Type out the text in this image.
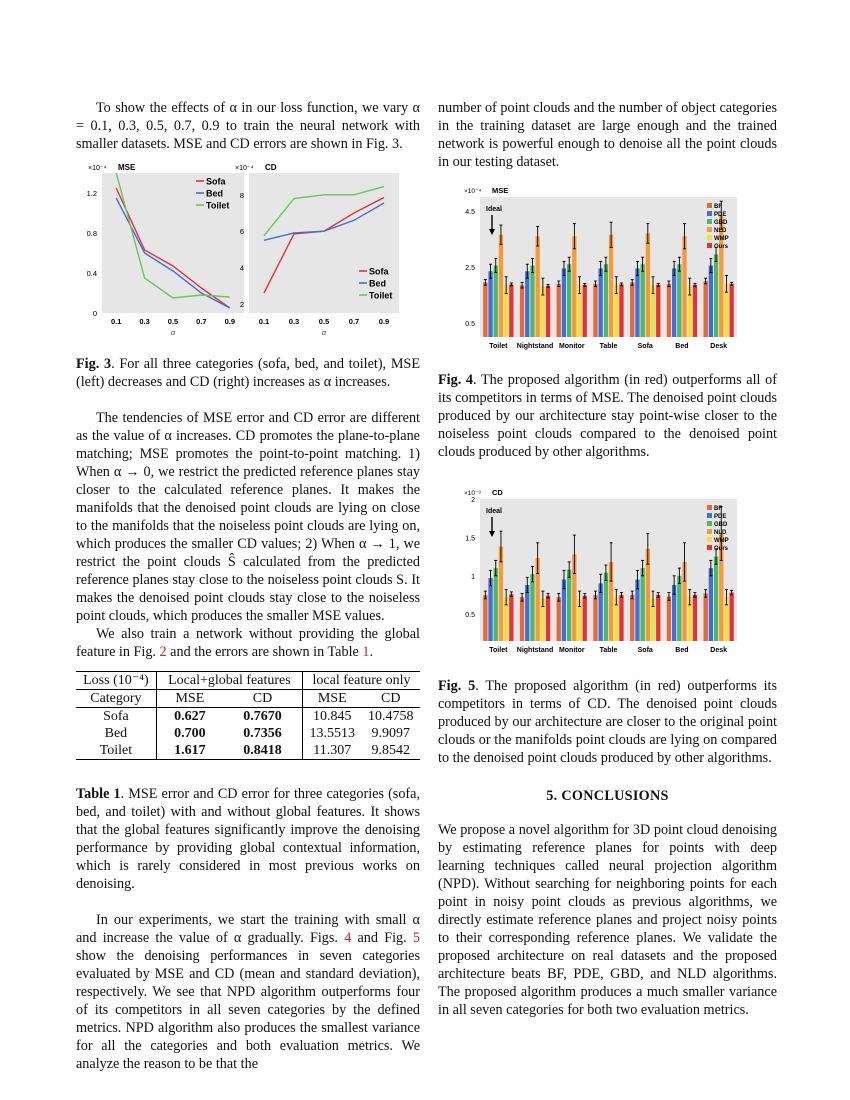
To show the effects of α in our loss function, we vary α = 0.1, 0.3, 0.5, 0.7, 0.9 to train the neural network with smaller datasets. MSE and CD errors are shown in Fig. 3.

×10⁻⁴ MSE
0
0.4
0.8
1.2
0.1 0.3 0.5 0.7 0.9
α
Sofa
Bed
Toilet
×10⁻⁴ CD
2
4
6
8
0.1	0.3	0.5	0.7	0.9
α
Sofa
Bed
Toilet

Fig. 3. For all three categories (sofa, bed, and toilet), MSE (left) decreases and CD (right) increases as α increases.

The tendencies of MSE error and CD error are different as the value of α increases. CD promotes the plane-to-plane matching; MSE promotes the point-to-point matching. 1) When α → 0, we restrict the predicted reference planes stay closer to the calculated reference planes. It makes the manifolds that the denoised point clouds are lying on close to the manifolds that the noiseless point clouds are lying on, which produces the smaller CD values; 2) When α → 1, we restrict the point clouds Ŝ calculated from the predicted reference planes stay close to the noiseless point clouds S. It makes the denoised point clouds stay close to the noiseless point clouds, which produces the smaller MSE values.

We also train a network without providing the global feature in Fig. 2 and the errors are shown in Table 1.

Loss (10⁻⁴)	Local+global features		local feature only	
Category	MSE	CD	MSE	CD
Sofa	0.627	0.7670	10.845	10.4758
Bed	0.700	0.7356	13.5513	9.9097
Toilet	1.617	0.8418	11.307	9.8542

Table 1. MSE error and CD error for three categories (sofa, bed, and toilet) with and without global features. It shows that the global features significantly improve the denoising performance by providing global contextual information, which is rarely considered in most previous works on denoising.

In our experiments, we start the training with small α and increase the value of α gradually. Figs. 4 and Fig. 5 show the denoising performances in seven categories evaluated by MSE and CD (mean and standard deviation), respectively. We see that NPD algorithm outperforms four of its competitors in all seven categories by the defined metrics. NPD algorithm also produces the smallest variance for all the categories and both evaluation metrics. We analyze the reason to be that the

number of point clouds and the number of object categories in the training dataset are large enough and the trained network is powerful enough to denoise all the point clouds in our testing dataset.

×10⁻⁴ MSE
0.5
2.5
4.5 Ideal
Toilet Nightstand Monitor Table	Sofa	Bed	Desk
BF
PDE
GBD
NLD
WMP
Ours

Fig. 4. The proposed algorithm (in red) outperforms all of its competitors in terms of MSE. The denoised point clouds produced by our architecture stay point-wise closer to the noiseless point clouds compared to the denoised point clouds produced by other algorithms.

×10⁻³ CD
0.5
1
1.5
2
Ideal
Toilet Nightstand Monitor Table	Sofa	Bed	Desk
BF
PDE
GBD
NLD
WMP
Ours

Fig. 5. The proposed algorithm (in red) outperforms its competitors in terms of CD. The denoised point clouds produced by our architecture are closer to the original point clouds or the manifolds point clouds are lying on compared to the denoised point clouds produced by other algorithms.

5. CONCLUSIONS

We propose a novel algorithm for 3D point cloud denoising by estimating reference planes for points with deep learning techniques called neural projection algorithm (NPD). Without searching for neighboring points for each point in noisy point clouds as previous algorithms, we directly estimate reference planes and project noisy points to their corresponding reference planes. We validate the proposed architecture on real datasets and the proposed architecture beats BF, PDE, GBD, and NLD algorithms. The proposed algorithm produces a much smaller variance in all seven categories for both two evaluation metrics.
